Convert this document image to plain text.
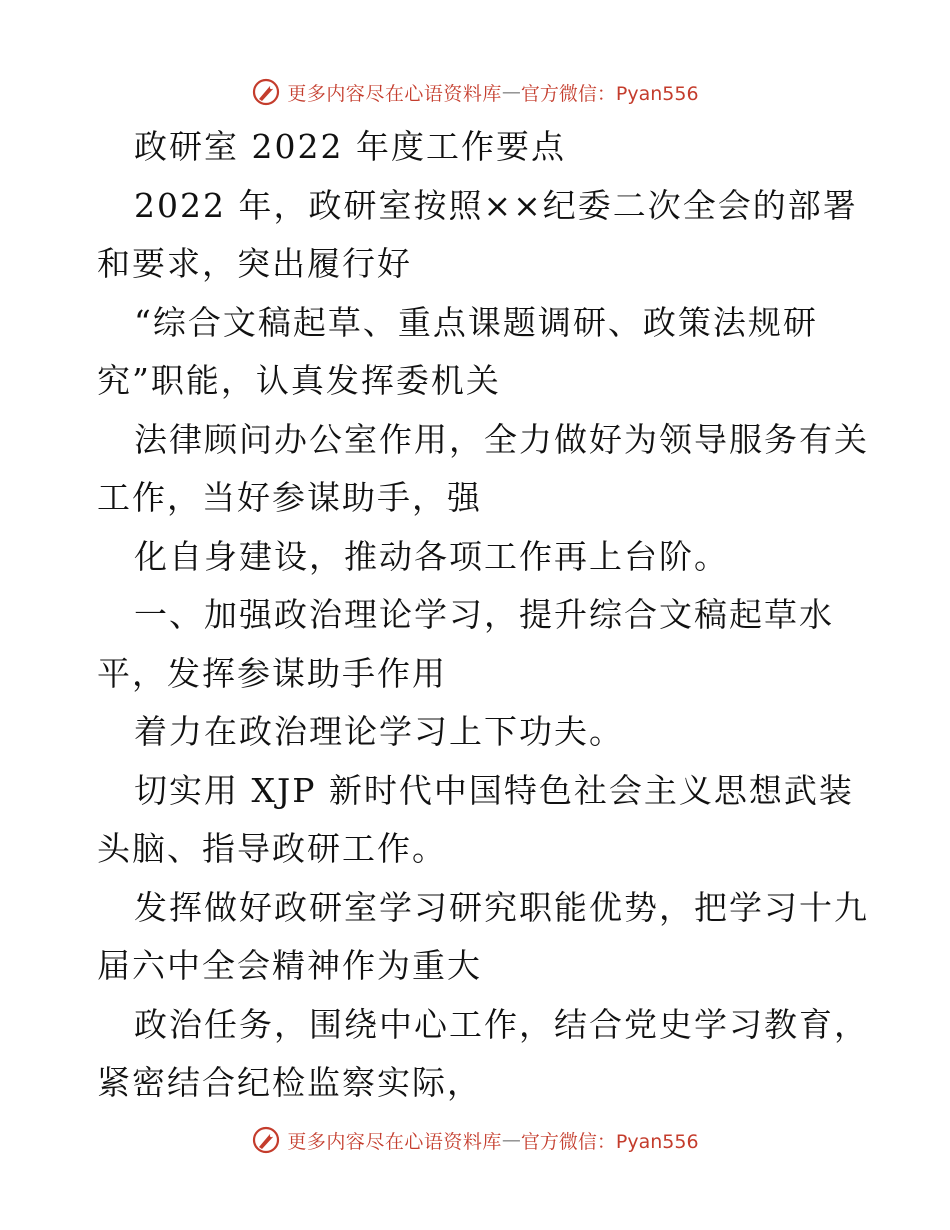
更多内容尽在心语资料库 — 官方微信：Pyan556
政研室 2022 年度工作要点
2022 年，政研室按照××纪委二次全会的部署
和要求，突出履行好
“综合文稿起草、重点课题调研、政策法规研
究”职能，认真发挥委机关
法律顾问办公室作用，全力做好为领导服务有关
工作，当好参谋助手，强
化自身建设，推动各项工作再上台阶。
一、加强政治理论学习，提升综合文稿起草水
平，发挥参谋助手作用
着力在政治理论学习上下功夫。
切实用 XJP 新时代中国特色社会主义思想武装
头脑、指导政研工作。
发挥做好政研室学习研究职能优势，把学习十九
届六中全会精神作为重大
政治任务，围绕中心工作，结合党史学习教育，
紧密结合纪检监察实际，
更多内容尽在心语资料库 — 官方微信：Pyan556
